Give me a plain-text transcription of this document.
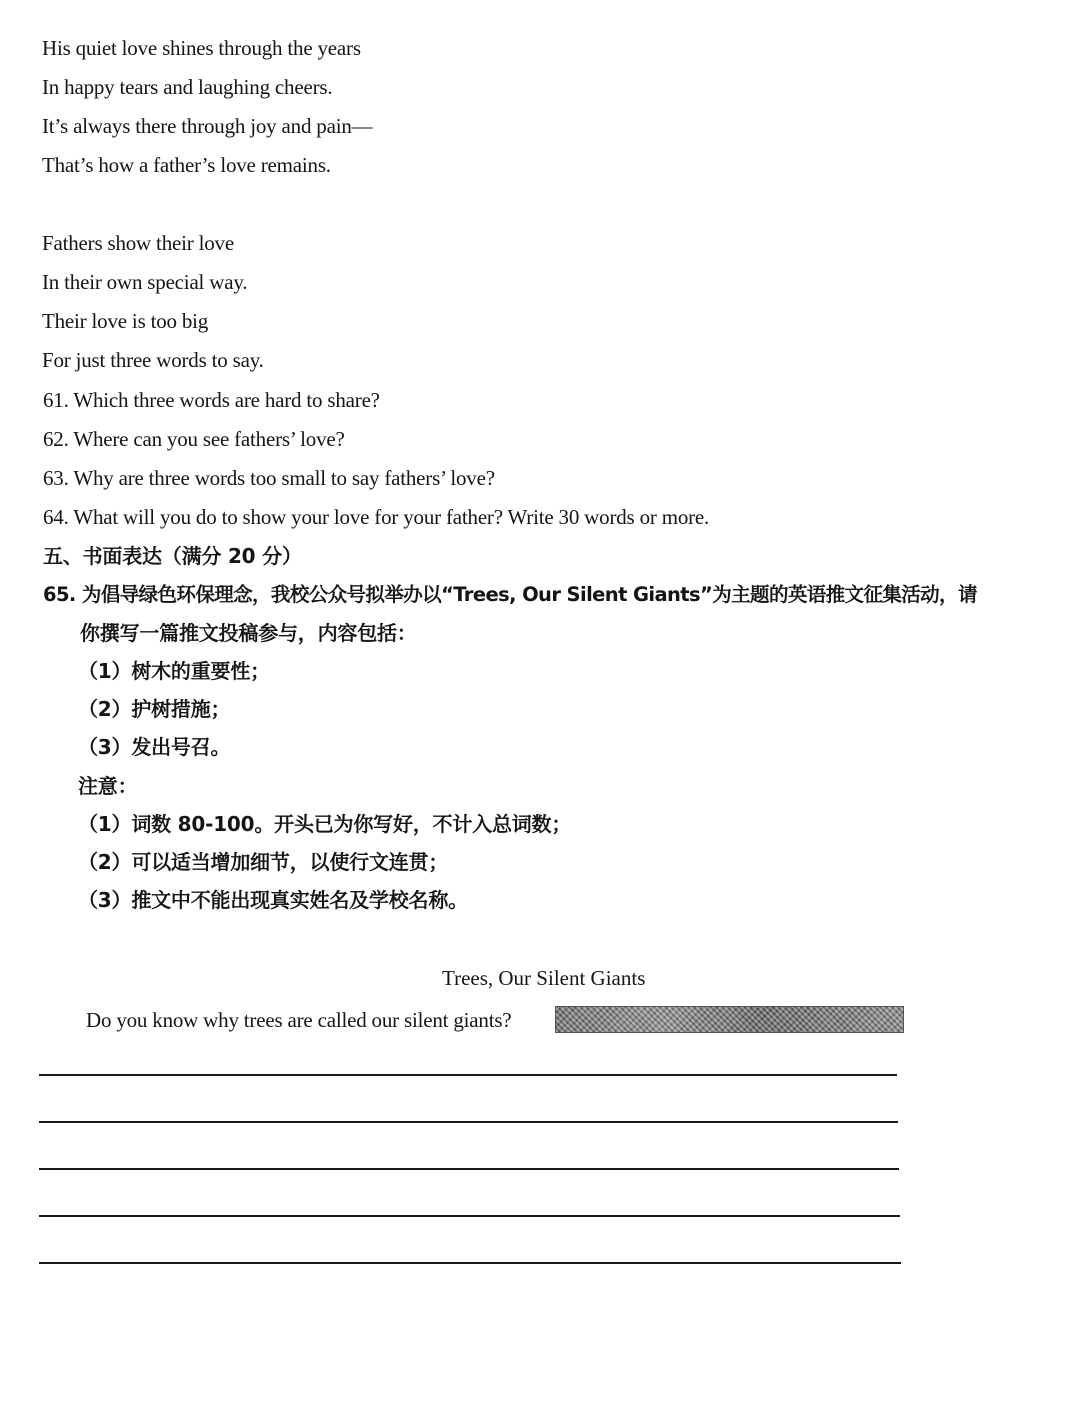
His quiet love shines through the years
In happy tears and laughing cheers.
It’s always there through joy and pain—
That’s how a father’s love remains.
Fathers show their love
In their own special way.
Their love is too big
For just three words to say.
61. Which three words are hard to share?
62. Where can you see fathers’ love?
63. Why are three words too small to say fathers’ love?
64. What will you do to show your love for your father? Write 30 words or more.
五、书面表达（满分 20 分）
65. 为倡导绿色环保理念，我校公众号拟举办以“Trees, Our Silent Giants”为主题的英语推文征集活动，请
你撰写一篇推文投稿参与，内容包括：
（1）树木的重要性；
（2）护树措施；
（3）发出号召。
注意：
（1）词数 80-100。开头已为你写好，不计入总词数；
（2）可以适当增加细节，以使行文连贯；
（3）推文中不能出现真实姓名及学校名称。
Trees, Our Silent Giants
Do you know why trees are called our silent giants?
